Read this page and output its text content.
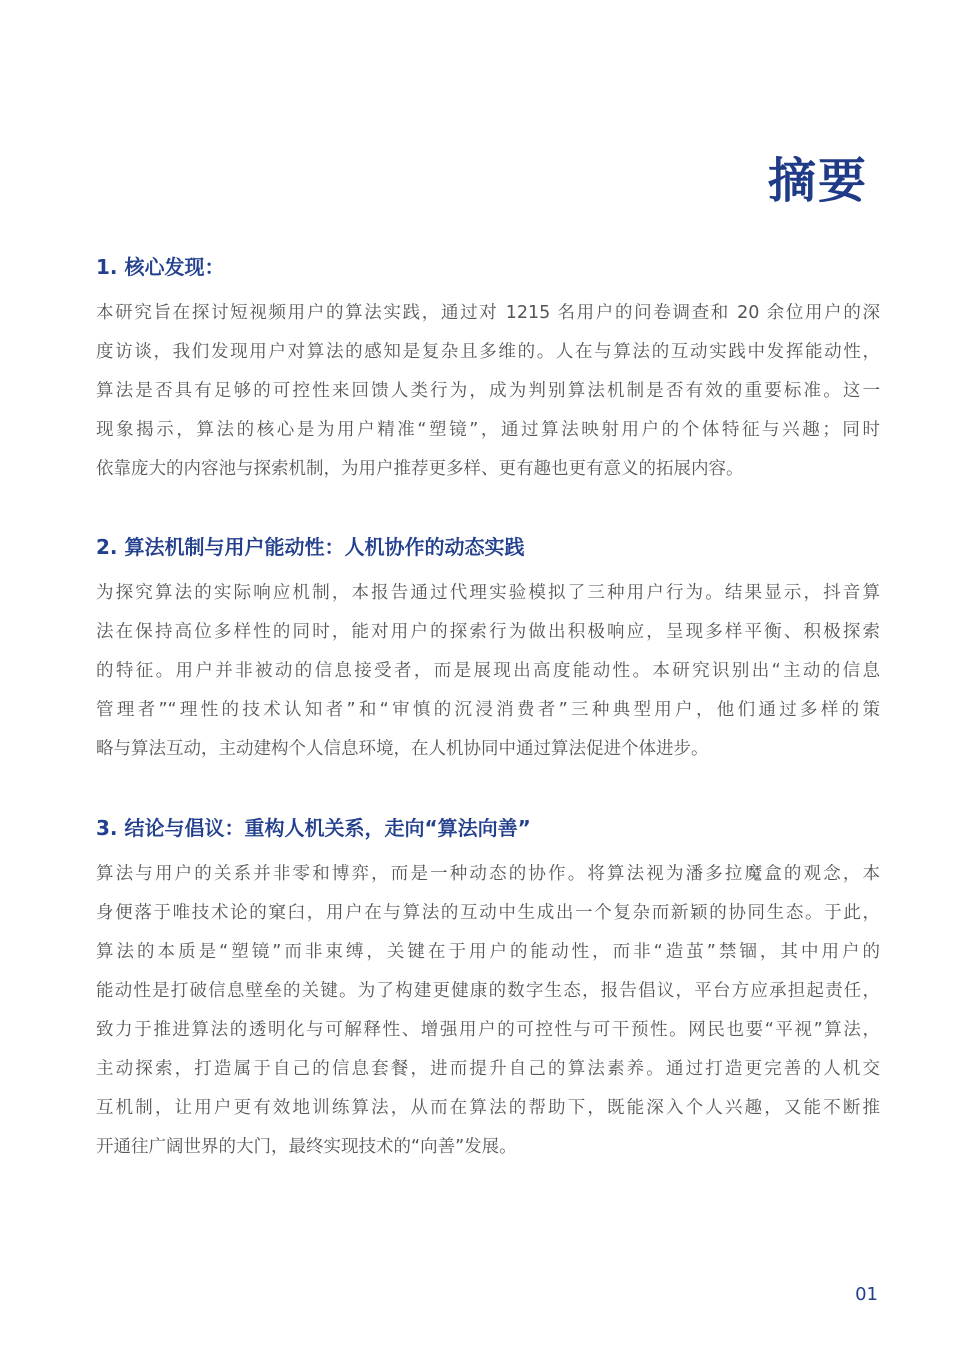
摘要
1. 核心发现：
本研究旨在探讨短视频用户的算法实践，通过对 1215 名用户的问卷调查和 20 余位用户的深
度访谈，我们发现用户对算法的感知是复杂且多维的。人在与算法的互动实践中发挥能动性，
算法是否具有足够的可控性来回馈人类行为，成为判别算法机制是否有效的重要标准。这一
现象揭示，算法的核心是为用户精准“塑镜”，通过算法映射用户的个体特征与兴趣；同时
依靠庞大的内容池与探索机制，为用户推荐更多样、更有趣也更有意义的拓展内容。
2. 算法机制与用户能动性：人机协作的动态实践
为探究算法的实际响应机制，本报告通过代理实验模拟了三种用户行为。结果显示，抖音算
法在保持高位多样性的同时，能对用户的探索行为做出积极响应，呈现多样平衡、积极探索
的特征。用户并非被动的信息接受者，而是展现出高度能动性。本研究识别出“主动的信息
管理者”“理性的技术认知者”和“审慎的沉浸消费者”三种典型用户，他们通过多样的策
略与算法互动，主动建构个人信息环境，在人机协同中通过算法促进个体进步。
3. 结论与倡议：重构人机关系，走向“算法向善”
算法与用户的关系并非零和博弈，而是一种动态的协作。将算法视为潘多拉魔盒的观念，本
身便落于唯技术论的窠臼，用户在与算法的互动中生成出一个复杂而新颖的协同生态。于此，
算法的本质是“塑镜”而非束缚，关键在于用户的能动性，而非“造茧”禁锢，其中用户的
能动性是打破信息壁垒的关键。为了构建更健康的数字生态，报告倡议，平台方应承担起责任，
致力于推进算法的透明化与可解释性、增强用户的可控性与可干预性。网民也要“平视”算法，
主动探索，打造属于自己的信息套餐，进而提升自己的算法素养。通过打造更完善的人机交
互机制，让用户更有效地训练算法，从而在算法的帮助下，既能深入个人兴趣，又能不断推
开通往广阔世界的大门，最终实现技术的“向善”发展。
01
